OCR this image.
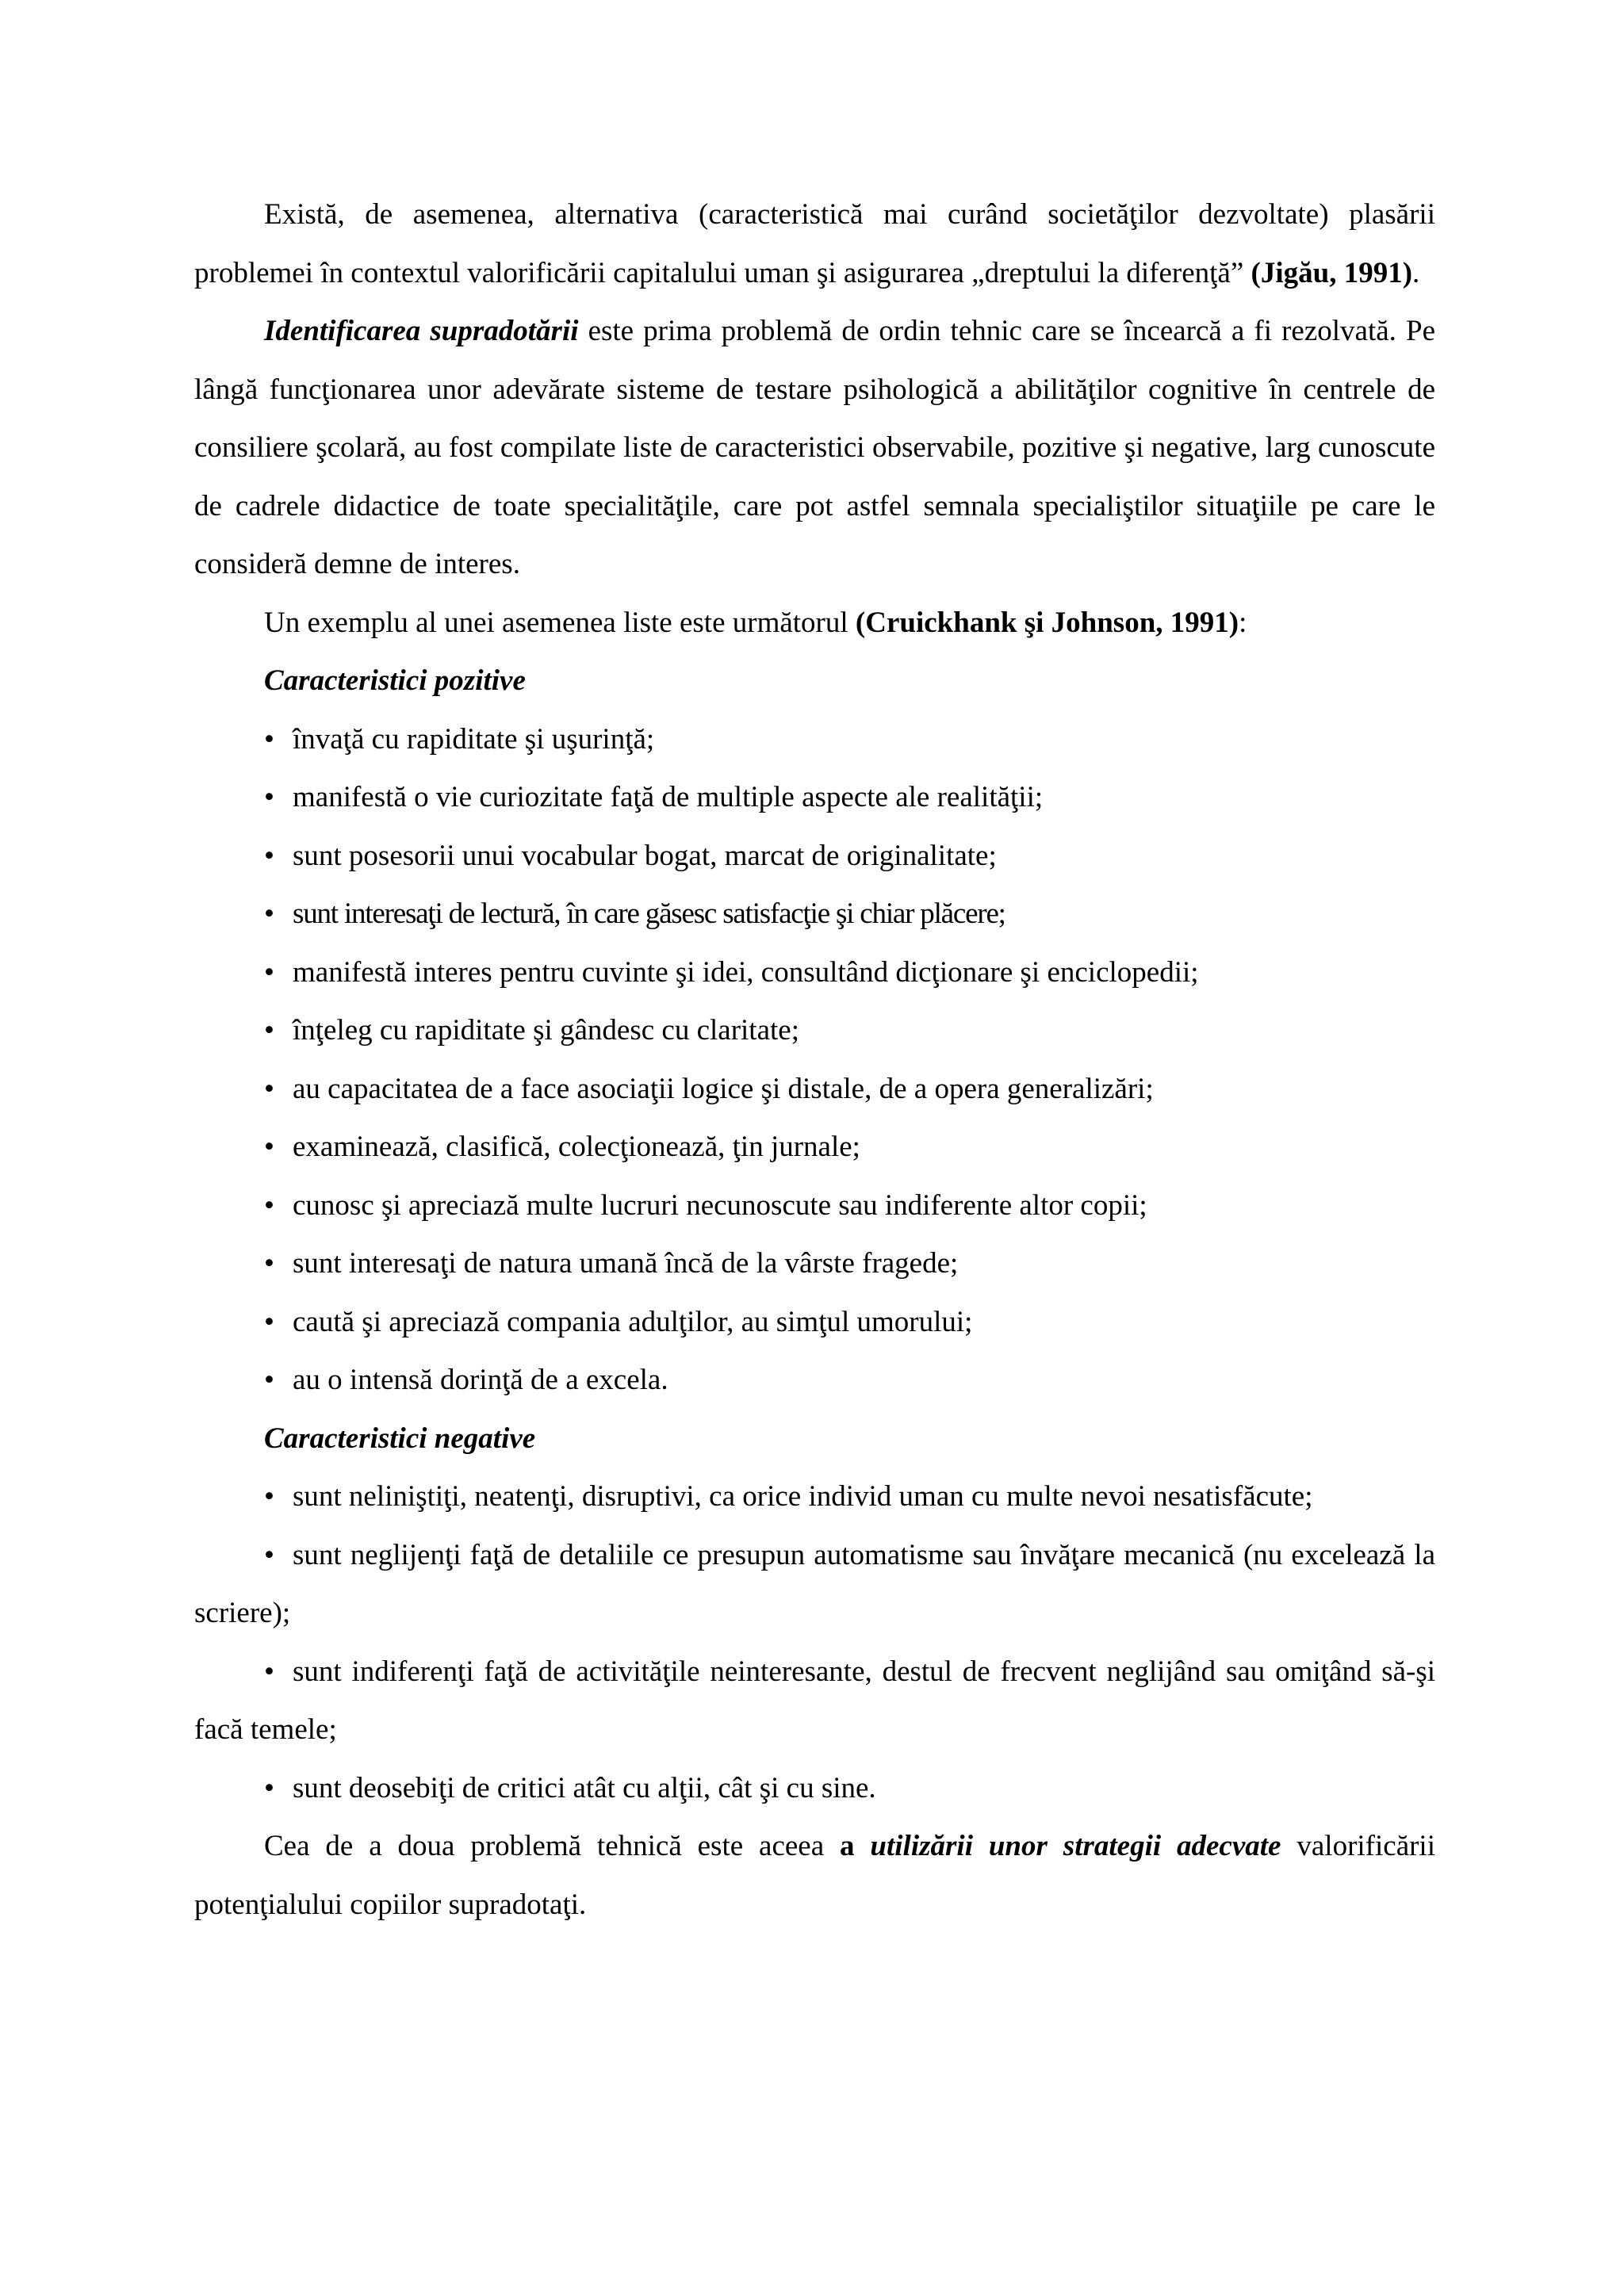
Există, de asemenea, alternativa (caracteristică mai curând societăţilor dezvoltate) plasării problemei în contextul valorificării capitalului uman şi asigurarea „dreptului la diferenţă” (Jigău, 1991).

Identificarea supradotării este prima problemă de ordin tehnic care se încearcă a fi rezolvată. Pe lângă funcţionarea unor adevărate sisteme de testare psihologică a abilităţilor cognitive în centrele de consiliere şcolară, au fost compilate liste de caracteristici observabile, pozitive şi negative, larg cunoscute de cadrele didactice de toate specialităţile, care pot astfel semnala specialiştilor situaţiile pe care le consideră demne de interes.

Un exemplu al unei asemenea liste este următorul (Cruickhank şi Johnson, 1991):

Caracteristici pozitive

• învaţă cu rapiditate şi uşurinţă;

• manifestă o vie curiozitate faţă de multiple aspecte ale realităţii;

• sunt posesorii unui vocabular bogat, marcat de originalitate;

• sunt interesaţi de lectură, în care găsesc satisfacţie şi chiar plăcere;

• manifestă interes pentru cuvinte şi idei, consultând dicţionare şi enciclopedii;

• înţeleg cu rapiditate şi gândesc cu claritate;

• au capacitatea de a face asociaţii logice şi distale, de a opera generalizări;

• examinează, clasifică, colecţionează, ţin jurnale;

• cunosc şi apreciază multe lucruri necunoscute sau indiferente altor copii;

• sunt interesaţi de natura umană încă de la vârste fragede;

• caută şi apreciază compania adulţilor, au simţul umorului;

• au o intensă dorinţă de a excela.

Caracteristici negative

• sunt neliniştiţi, neatenţi, disruptivi, ca orice individ uman cu multe nevoi nesatisfăcute;

• sunt neglijenţi faţă de detaliile ce presupun automatisme sau învăţare mecanică (nu excelează la scriere);

• sunt indiferenţi faţă de activităţile neinteresante, destul de frecvent neglijând sau omiţând să-şi facă temele;

• sunt deosebiţi de critici atât cu alţii, cât şi cu sine.

Cea de a doua problemă tehnică este aceea a utilizării unor strategii adecvate valorificării potenţialului copiilor supradotaţi.
